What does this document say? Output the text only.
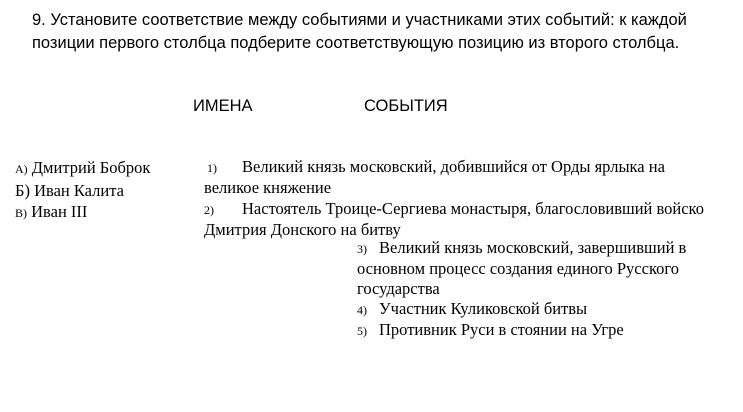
9. Установите соответствие между событиями и участниками этих событий: к каждой позиции первого столбца подберите соответствующую позицию из второго столбца.
ИМЕНА	СОБЫТИЯ
А) Дмитрий Боброк
Б) Иван Калита
В) Иван III
1) Великий князь московский, добившийся от Орды ярлыка на великое княжение
2) Настоятель Троице-Сергиева монастыря, благословивший войско Дмитрия Донского на битву
3) Великий князь московский, завершивший в основном процесс создания единого Русского государства
4) Участник Куликовской битвы
5) Противник Руси в стоянии на Угре
